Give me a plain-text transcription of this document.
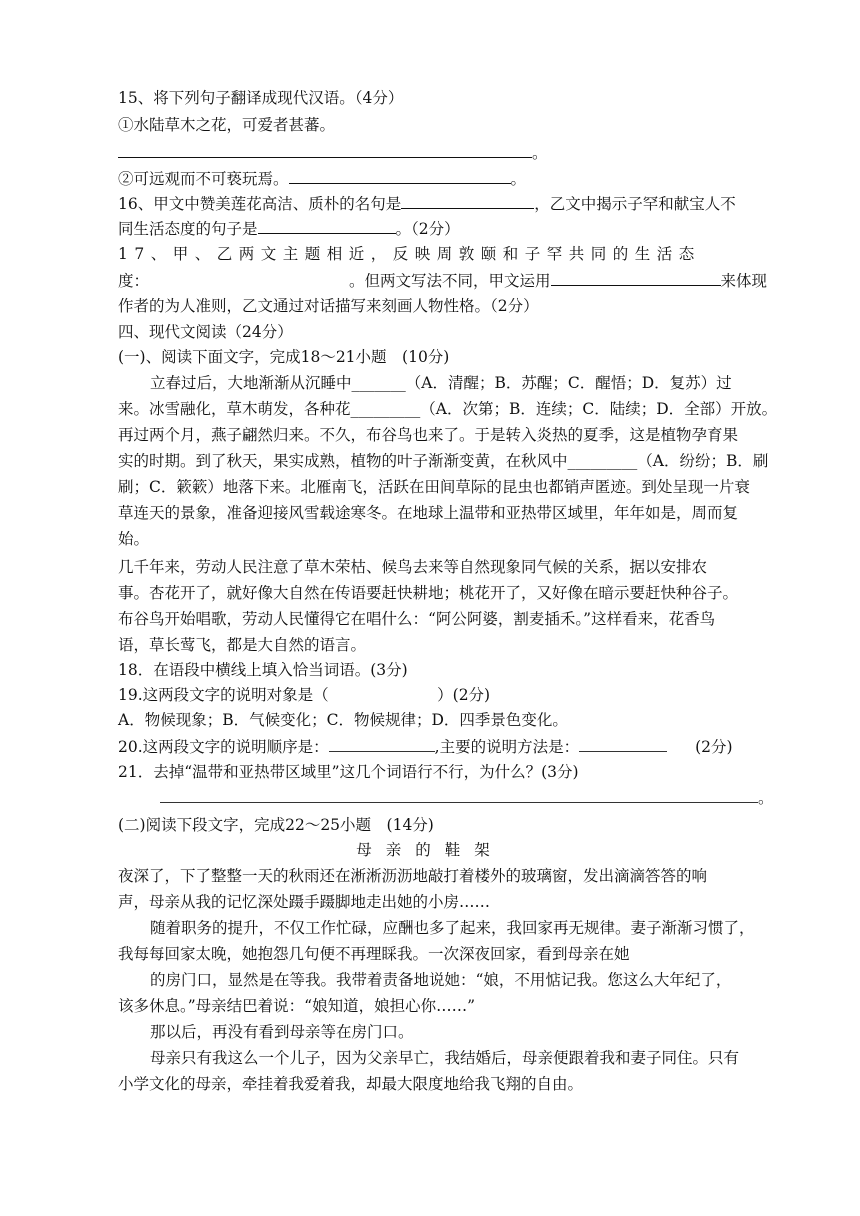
15、将下列句子翻译成现代汉语。（4分）
①水陆草木之花，可爱者甚蕃。
。
②可远观而不可亵玩焉。	。
16、甲文中赞美莲花高洁、质朴的名句是	，乙文中揭示子罕和献宝人不
同生活态度的句子是	。（2分）
17、甲、乙两文主题相近，反映周敦颐和子罕共同的生活态
度：	。但两文写法不同，甲文运用	来体现
作者的为人准则，乙文通过对话描写来刻画人物性格。（2分）
四、现代文阅读（24分）
(一)、阅读下面文字，完成18～21小题　(10分)
立春过后，大地渐渐从沉睡中_______（A．清醒；B．苏醒；C．醒悟；D．复苏）过
来。冰雪融化，草木萌发，各种花_________（A．次第；B．连续；C．陆续；D．全部）开放。
再过两个月，燕子翩然归来。不久，布谷鸟也来了。于是转入炎热的夏季，这是植物孕育果
实的时期。到了秋天，果实成熟，植物的叶子渐渐变黄，在秋风中_________（A．纷纷；B．刷
刷；C．簌簌）地落下来。北雁南飞，活跃在田间草际的昆虫也都销声匿迹。到处呈现一片衰
草连天的景象，准备迎接风雪载途寒冬。在地球上温带和亚热带区域里，年年如是，周而复
始。
几千年来，劳动人民注意了草木荣枯、候鸟去来等自然现象同气候的关系，据以安排农
事。杏花开了，就好像大自然在传语要赶快耕地；桃花开了，又好像在暗示要赶快种谷子。
布谷鸟开始唱歌，劳动人民懂得它在唱什么：“阿公阿婆，割麦插禾。”这样看来，花香鸟
语，草长莺飞，都是大自然的语言。
18．在语段中横线上填入恰当词语。(3分)
19.这两段文字的说明对象是（　　　　　　　）(2分)
A．物候现象；B．气候变化；C．物候规律；D．四季景色变化。
20.这两段文字的说明顺序是：	,主要的说明方法是：	(2分)
21．去掉“温带和亚热带区域里”这几个词语行不行，为什么？(3分)
。
(二)阅读下段文字，完成22～25小题　(14分)
母亲的鞋架
夜深了，下了整整一天的秋雨还在淅淅沥沥地敲打着楼外的玻璃窗，发出滴滴答答的响
声，母亲从我的记忆深处蹑手蹑脚地走出她的小房……
随着职务的提升，不仅工作忙碌，应酬也多了起来，我回家再无规律。妻子渐渐习惯了，
我每每回家太晚，她抱怨几句便不再理睬我。一次深夜回家，看到母亲在她
的房门口，显然是在等我。我带着责备地说她：“娘，不用惦记我。您这么大年纪了，
该多休息。”母亲结巴着说：“娘知道，娘担心你……”
那以后，再没有看到母亲等在房门口。
母亲只有我这么一个儿子，因为父亲早亡，我结婚后，母亲便跟着我和妻子同住。只有
小学文化的母亲，牵挂着我爱着我，却最大限度地给我飞翔的自由。
